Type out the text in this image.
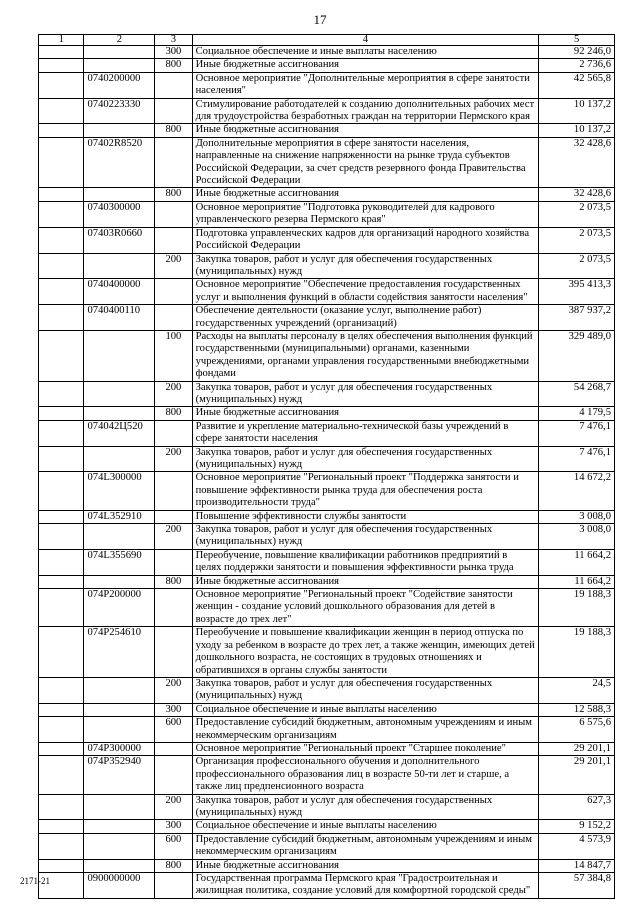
17
1	2	3	4	5
		300	Социальное обеспечение и иные выплаты населению	92 246,0
		800	Иные бюджетные ассигнования	2 736,6
	0740200000		Основное мероприятие "Дополнительные мероприятия в сфере занятости населения"	42 565,8
	0740223330		Стимулирование работодателей к созданию дополнительных рабочих мест для трудоустройства безработных граждан на территории Пермского края	10 137,2
		800	Иные бюджетные ассигнования	10 137,2
	07402R8520		Дополнительные мероприятия в сфере занятости населения, направленные на снижение напряженности на рынке труда субъектов Российской Федерации, за счет средств резервного фонда Правительства Российской Федерации	32 428,6
		800	Иные бюджетные ассигнования	32 428,6
	0740300000		Основное мероприятие "Подготовка руководителей для кадрового управленческого резерва Пермского края"	2 073,5
	07403R0660		Подготовка управленческих кадров для организаций народного хозяйства Российской Федерации	2 073,5
		200	Закупка товаров, работ и услуг для обеспечения государственных (муниципальных) нужд	2 073,5
	0740400000		Основное мероприятие "Обеспечение предоставления государственных услуг и выполнения функций в области содействия занятости населения"	395 413,3
	0740400110		Обеспечение деятельности (оказание услуг, выполнение работ) государственных учреждений (организаций)	387 937,2
		100	Расходы на выплаты персоналу в целях обеспечения выполнения функций государственными (муниципальными) органами, казенными учреждениями, органами управления государственными внебюджетными фондами	329 489,0
		200	Закупка товаров, работ и услуг для обеспечения государственных (муниципальных) нужд	54 268,7
		800	Иные бюджетные ассигнования	4 179,5
	074042Ц520		Развитие и укрепление материально-технической базы учреждений в сфере занятости населения	7 476,1
		200	Закупка товаров, работ и услуг для обеспечения государственных (муниципальных) нужд	7 476,1
	074L300000		Основное мероприятие "Региональный проект "Поддержка занятости и повышение эффективности рынка труда для обеспечения роста производительности труда"	14 672,2
	074L352910		Повышение эффективности службы занятости	3 008,0
		200	Закупка товаров, работ и услуг для обеспечения государственных (муниципальных) нужд	3 008,0
	074L355690		Переобучение, повышение квалификации работников предприятий в целях поддержки занятости и повышения эффективности рынка труда	11 664,2
		800	Иные бюджетные ассигнования	11 664,2
	074P200000		Основное мероприятие "Региональный проект "Содействие занятости женщин - создание условий дошкольного образования для детей в возрасте до трех лет"	19 188,3
	074P254610		Переобучение и повышение квалификации женщин в период отпуска по уходу за ребенком в возрасте до трех лет, а также женщин, имеющих детей дошкольного возраста, не состоящих в трудовых отношениях и обратившихся в органы службы занятости	19 188,3
		200	Закупка товаров, работ и услуг для обеспечения государственных (муниципальных) нужд	24,5
		300	Социальное обеспечение и иные выплаты населению	12 588,3
		600	Предоставление субсидий бюджетным, автономным учреждениям и иным некоммерческим организациям	6 575,6
	074P300000		Основное мероприятие "Региональный проект "Старшее поколение"	29 201,1
	074P352940		Организация профессионального обучения и дополнительного профессионального образования лиц в возрасте 50-ти лет и старше, а также лиц предпенсионного возраста	29 201,1
		200	Закупка товаров, работ и услуг для обеспечения государственных (муниципальных) нужд	627,3
		300	Социальное обеспечение и иные выплаты населению	9 152,2
		600	Предоставление субсидий бюджетным, автономным учреждениям и иным некоммерческим организациям	4 573,9
		800	Иные бюджетные ассигнования	14 847,7
	0900000000		Государственная программа Пермского края "Градостроительная и жилищная политика, создание условий для комфортной городской среды"	57 384,8
2171-21
